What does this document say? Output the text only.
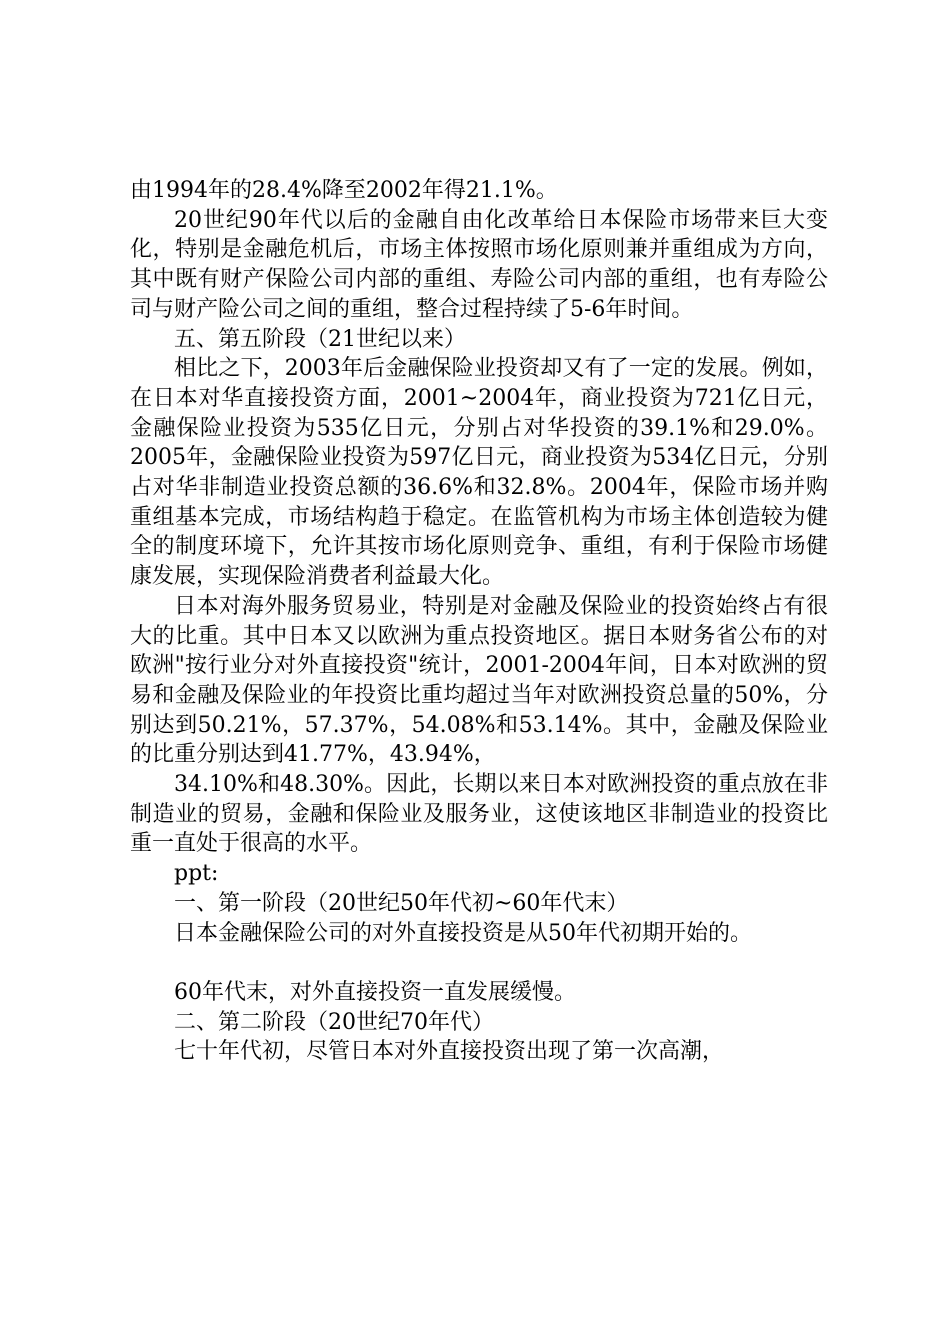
由1994年的28.4%降至2002年得21.1%。

20世纪90年代以后的金融自由化改革给日本保险市场带来巨大变化，特别是金融危机后，市场主体按照市场化原则兼并重组成为方向，其中既有财产保险公司内部的重组、寿险公司内部的重组，也有寿险公司与财产险公司之间的重组，整合过程持续了5-6年时间。

五、第五阶段（21世纪以来）

相比之下，2003年后金融保险业投资却又有了一定的发展。例如，在日本对华直接投资方面，2001~2004年，商业投资为721亿日元，金融保险业投资为535亿日元，分别占对华投资的39.1%和29.0%。2005年，金融保险业投资为597亿日元，商业投资为534亿日元，分别占对华非制造业投资总额的36.6%和32.8%。2004年，保险市场并购重组基本完成，市场结构趋于稳定。在监管机构为市场主体创造较为健全的制度环境下，允许其按市场化原则竞争、重组，有利于保险市场健康发展，实现保险消费者利益最大化。

日本对海外服务贸易业，特别是对金融及保险业的投资始终占有很大的比重。其中日本又以欧洲为重点投资地区。据日本财务省公布的对欧洲"按行业分对外直接投资"统计，2001-2004年间，日本对欧洲的贸易和金融及保险业的年投资比重均超过当年对欧洲投资总量的50%，分别达到50.21%，57.37%，54.08%和53.14%。其中，金融及保险业的比重分别达到41.77%，43.94%，

34.10%和48.30%。因此，长期以来日本对欧洲投资的重点放在非制造业的贸易，金融和保险业及服务业，这使该地区非制造业的投资比重一直处于很高的水平。

ppt:

一、第一阶段（20世纪50年代初~60年代末）

日本金融保险公司的对外直接投资是从50年代初期开始的。

60年代末，对外直接投资一直发展缓慢。

二、第二阶段（20世纪70年代）

七十年代初，尽管日本对外直接投资出现了第一次高潮，
